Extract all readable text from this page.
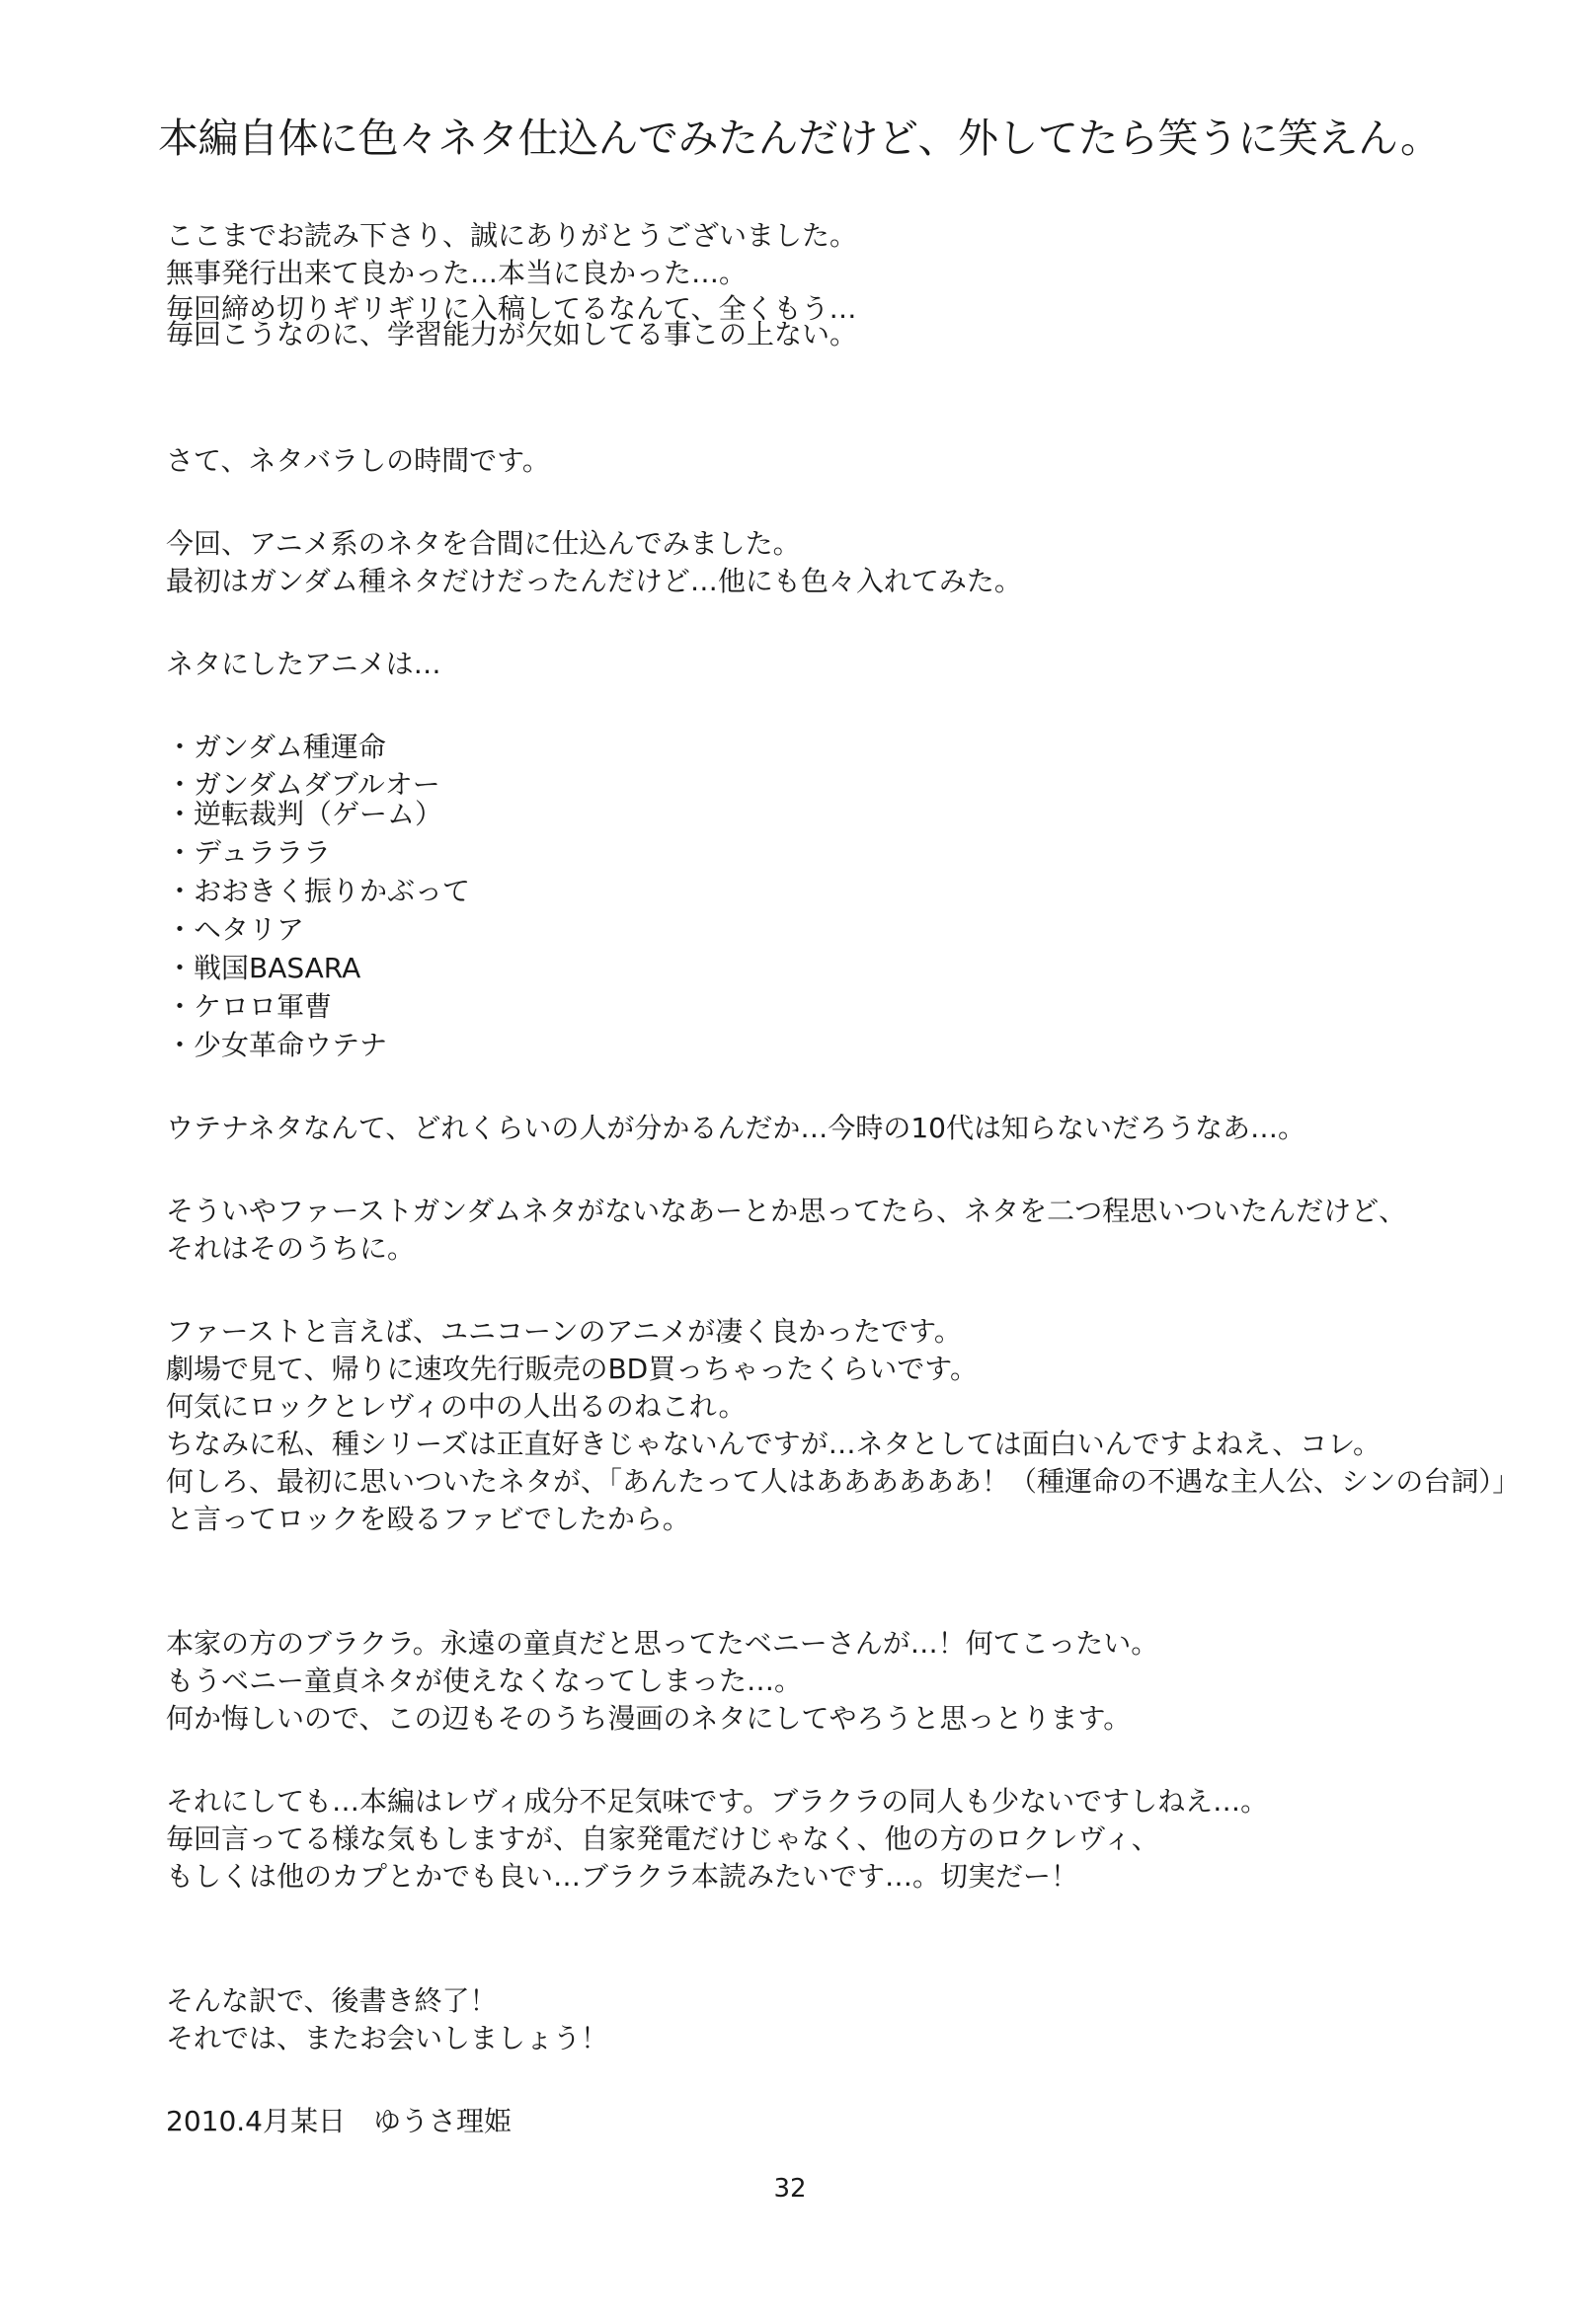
本編自体に色々ネタ仕込んでみたんだけど、外してたら笑うに笑えん。

ここまでお読み下さり、誠にありがとうございました。

無事発行出来て良かった…本当に良かった…。

毎回締め切りギリギリに入稿してるなんて、全くもう…

毎回こうなのに、学習能力が欠如してる事この上ない。

さて、ネタバラしの時間です。

今回、アニメ系のネタを合間に仕込んでみました。

最初はガンダム種ネタだけだったんだけど…他にも色々入れてみた。

ネタにしたアニメは…

・ガンダム種運命

・ガンダムダブルオー

・逆転裁判（ゲーム）

・デュラララ

・おおきく振りかぶって

・ヘタリア

・戦国BASARA

・ケロロ軍曹

・少女革命ウテナ

ウテナネタなんて、どれくらいの人が分かるんだか…今時の10代は知らないだろうなあ…。

そういやファーストガンダムネタがないなあーとか思ってたら、ネタを二つ程思いついたんだけど、

それはそのうちに。

ファーストと言えば、ユニコーンのアニメが凄く良かったです。

劇場で見て、帰りに速攻先行販売のBD買っちゃったくらいです。

何気にロックとレヴィの中の人出るのねこれ。

ちなみに私、種シリーズは正直好きじゃないんですが…ネタとしては面白いんですよねえ、コレ。

何しろ、最初に思いついたネタが、「あんたって人はああああああ！（種運命の不遇な主人公、シンの台詞）」

と言ってロックを殴るファビでしたから。

本家の方のブラクラ。永遠の童貞だと思ってたベニーさんが…！何てこったい。

もうベニー童貞ネタが使えなくなってしまった…。

何か悔しいので、この辺もそのうち漫画のネタにしてやろうと思っとります。

それにしても…本編はレヴィ成分不足気味です。ブラクラの同人も少ないですしねえ…。

毎回言ってる様な気もしますが、自家発電だけじゃなく、他の方のロクレヴィ、

もしくは他のカプとかでも良い…ブラクラ本読みたいです…。切実だー！

そんな訳で、後書き終了！

それでは、またお会いしましょう！

2010.4月某日　ゆうさ理姫

32
